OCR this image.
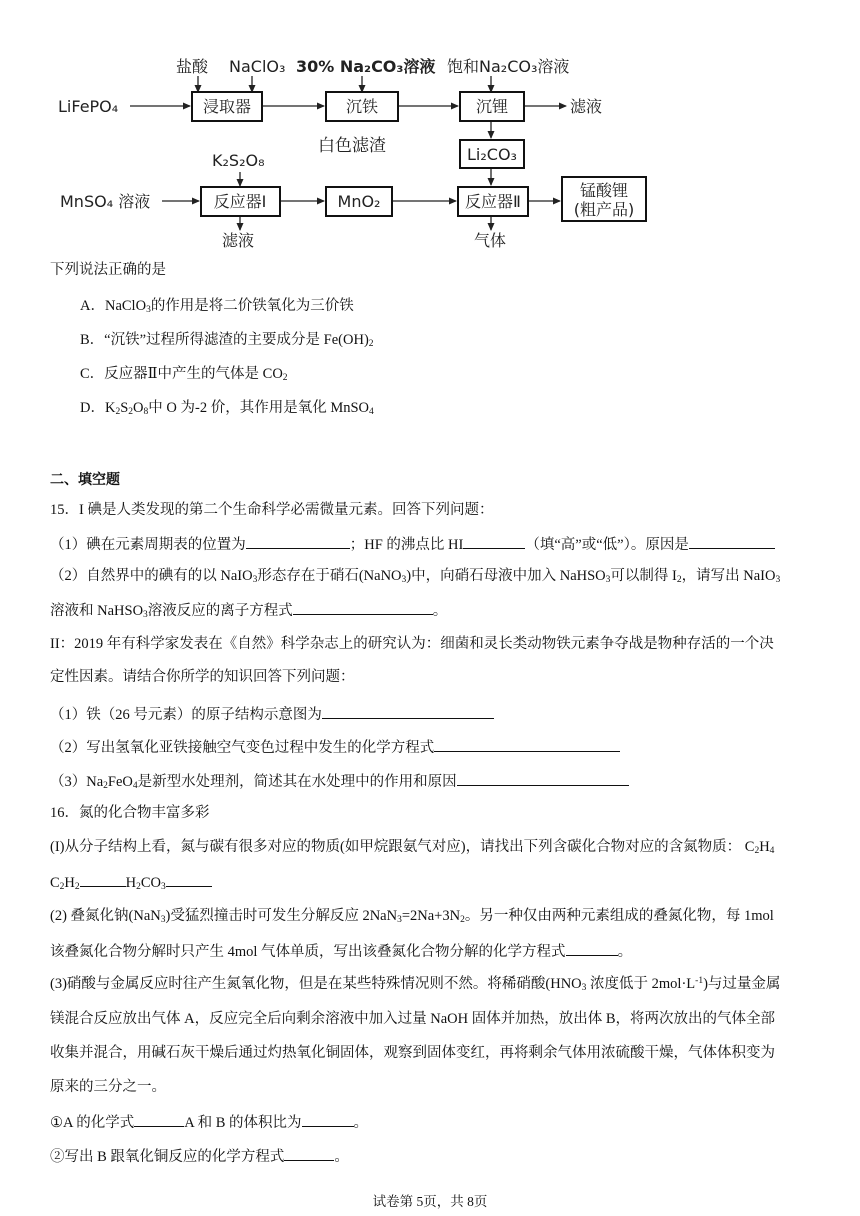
盐酸 NaClO₃ 30% Na₂CO₃溶液 饱和Na₂CO₃溶液
LiFePO₄	浸取器	沉铁	沉锂	滤液
白色滤渣	Li₂CO₃
K₂S₂O₈
MnSO₄ 溶液	反应器Ⅰ	MnO₂	反应器Ⅱ
锰酸锂
(粗产品)
滤液	气体
下列说法正确的是
A．NaClO$_3$的作用是将二价铁氧化为三价铁
B．“沉铁”过程所得滤渣的主要成分是 $Fe(OH)_2$
C．反应器Ⅱ中产生的气体是 $CO_2$
D．$K_2S_2O_8$中 O 为-2 价，其作用是氧化 MnSO$_4$
二、填空题
15．I 碘是人类发现的第二个生命科学必需微量元素。回答下列问题：
（1）碘在元素周期表的位置为	；HF 的沸点比 HI	（填“高”或“低”）。原因是
（2）自然界中的碘有的以 NaIO$_3$形态存在于硝石(NaNO$_3$)中，向硝石母液中加入 NaHSO$_3$可以制得 $I_2$，请写出 NaIO$_3$
溶液和 NaHSO$_3$溶液反应的离子方程式	。
II：2019 年有科学家发表在《自然》科学杂志上的研究认为：细菌和灵长类动物铁元素争夺战是物种存活的一个决
定性因素。请结合你所学的知识回答下列问题：
（1）铁（26 号元素）的原子结构示意图为
（2）写出氢氧化亚铁接触空气变色过程中发生的化学方程式
$(3)Na_2FeO_4$是新型水处理剂，简述其在水处理中的作用和原因
16．氮的化合物丰富多彩
(I)从分子结构上看，氮与碳有很多对应的物质(如甲烷跟氨气对应)，请找出下列含碳化合物对应的含氮物质： $C_2H_4$
$C_2H_2$	$H_2CO_3$
(2) 叠氮化钠(NaN$_3$)受猛烈撞击时可发生分解反应 $2NaN_3=2Na+3N_2$。另一种仅由两种元素组成的叠氮化物，每 1mol
该叠氮化合物分解时只产生 4mol 气体单质，写出该叠氮化合物分解的化学方程式	。
(3)硝酸与金属反应时往产生氮氧化物，但是在某些特殊情况则不然。将稀硝酸($HNO_3$ 浓度低于 $2mol\cdot L^{-1}$)与过量金属
镁混合反应放出气体 A，反应完全后向剩余溶液中加入过量 NaOH 固体并加热，放出体 B，将两次放出的气体全部
收集并混合，用碱石灰干燥后通过灼热氧化铜固体，观察到固体变红，再将剩余气体用浓硫酸干燥，气体体积变为
原来的三分之一。
①A 的化学式	A 和 B 的体积比为	。
②写出 B 跟氧化铜反应的化学方程式	。
试卷第 5页，共 8页
